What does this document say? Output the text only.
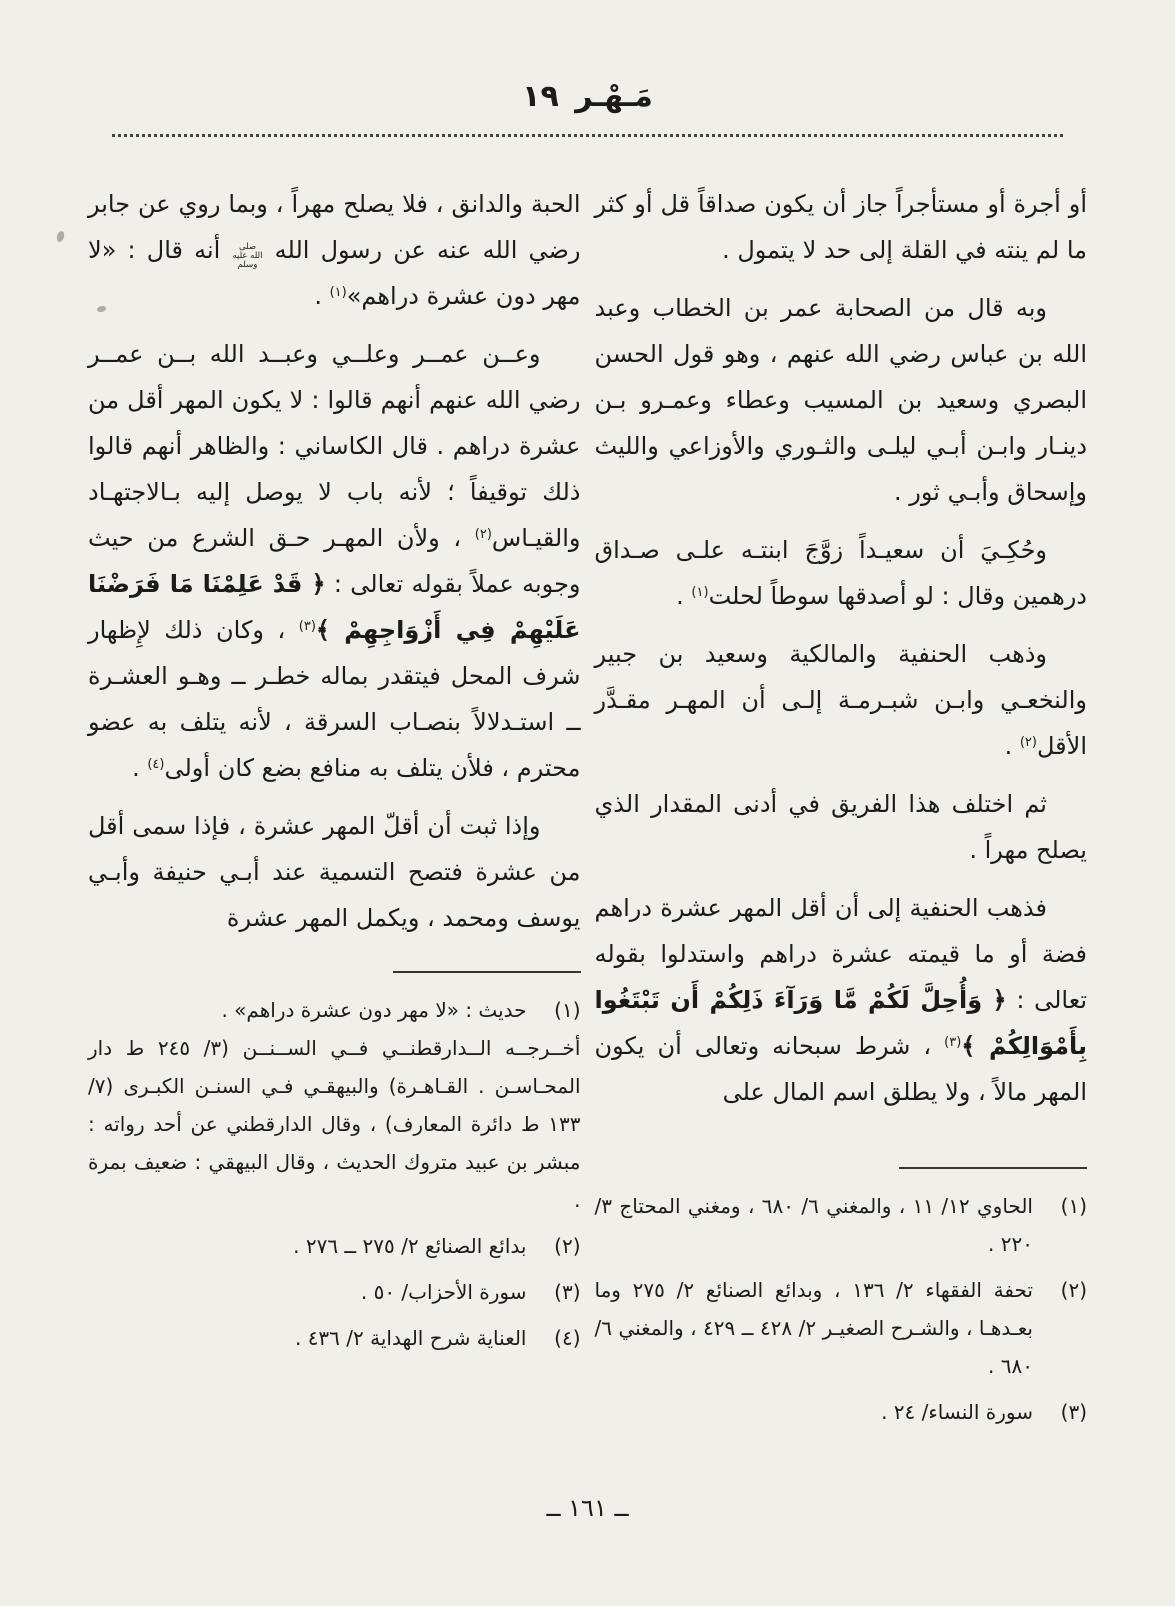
مَـهْـر ١٩

أو أجرة أو مستأجراً جاز أن يكون صداقاً قل أو كثر ما لم ينته في القلة إلى حد لا يتمول .

وبه قال من الصحابة عمر بن الخطاب وعبد الله بن عباس رضي الله عنهم ، وهو قول الحسن البصري وسعيد بن المسيب وعطاء وعمـرو بـن دينـار وابـن أبـي ليلـى والثـوري والأوزاعي والليث وإسحاق وأبـي ثور .

وحُكِـيَ أن سعيـداً زوَّجَ ابنتـه علـى صـداق درهمين وقال : لو أصدقها سوطاً لحلت$^{(١)}$ .

وذهب الحنفية والمالكية وسعيد بن جبير والنخعـي وابـن شبـرمـة إلـى أن المهـر مقـدَّر الأقل$^{(٢)}$ .

ثم اختلف هذا الفريق في أدنى المقدار الذي يصلح مهراً .

فذهب الحنفية إلى أن أقل المهر عشرة دراهم فضة أو ما قيمته عشرة دراهم واستدلوا بقوله تعالى : ﴿ وَأُحِلَّ لَكُمْ مَّا وَرَآءَ ذَلِكُمْ أَن تَبْتَغُوا بِأَمْوَالِكُمْ ﴾$^{(٣)}$ ، شرط سبحانه وتعالى أن يكون المهر مالاً ، ولا يطلق اسم المال على

(١)
الحاوي ١٢/ ١١ ، والمغني ٦/ ٦٨٠ ، ومغني المحتاج ٣/ ٢٢٠ .
(٢)
تحفة الفقهاء ٢/ ١٣٦ ، وبدائع الصنائع ٢/ ٢٧٥ وما بعـدهـا ، والشـرح الصغيـر ٢/ ٤٢٨ ــ ٤٢٩ ، والمغني ٦/ ٦٨٠ .
(٣)
سورة النساء/ ٢٤ .

الحبة والدانق ، فلا يصلح مهراً ، وبما روي عن جابر رضي الله عنه عن رسول الله صلى الله عليه وسلم أنه قال : «لا مهر دون عشرة دراهم»$^{(١)}$ .

وعــن عمــر وعلــي وعبــد الله بــن عمــر رضي الله عنهم أنهم قالوا : لا يكون المهر أقل من عشرة دراهم . قال الكاساني : والظاهر أنهم قالوا ذلك توقيفاً ؛ لأنه باب لا يوصل إليه بـالاجتهـاد والقيـاس$^{(٢)}$ ، ولأن المهـر حـق الشرع من حيث وجوبه عملاً بقوله تعالى : ﴿ قَدْ عَلِمْنَا مَا فَرَضْنَا عَلَيْهِمْ فِي أَزْوَاجِهِمْ ﴾$^{(٣)}$ ، وكان ذلك لإِظهار شرف المحل فيتقدر بماله خطـر ــ وهـو العشـرة ــ استـدلالاً بنصـاب السرقة ، لأنه يتلف به عضو محترم ، فلأن يتلف به منافع بضع كان أولى$^{(٤)}$ .

وإذا ثبت أن أقلّ المهر عشرة ، فإذا سمى أقل من عشرة فتصح التسمية عند أبـي حنيفة وأبـي يوسف ومحمد ، ويكمل المهر عشرة

(١)
حديث : «لا مهر دون عشرة دراهم» .

أخــرجــه الــدارقطنــي فــي الســنــن (٣/ ٢٤٥ ط دار المحـاسـن . القـاهـرة) والبيهقـي فـي السنـن الكبـرى (٧/ ١٣٣ ط دائرة المعارف) ، وقال الدارقطني عن أحد رواته : مبشر بن عبيد متروك الحديث ، وقال البيهقي : ضعيف بمرة .

(٢)
بدائع الصنائع ٢/ ٢٧٥ ــ ٢٧٦ .
(٣)
سورة الأحزاب/ ٥٠ .
(٤)
العناية شرح الهداية ٢/ ٤٣٦ .
ــ ١٦١ ــ
